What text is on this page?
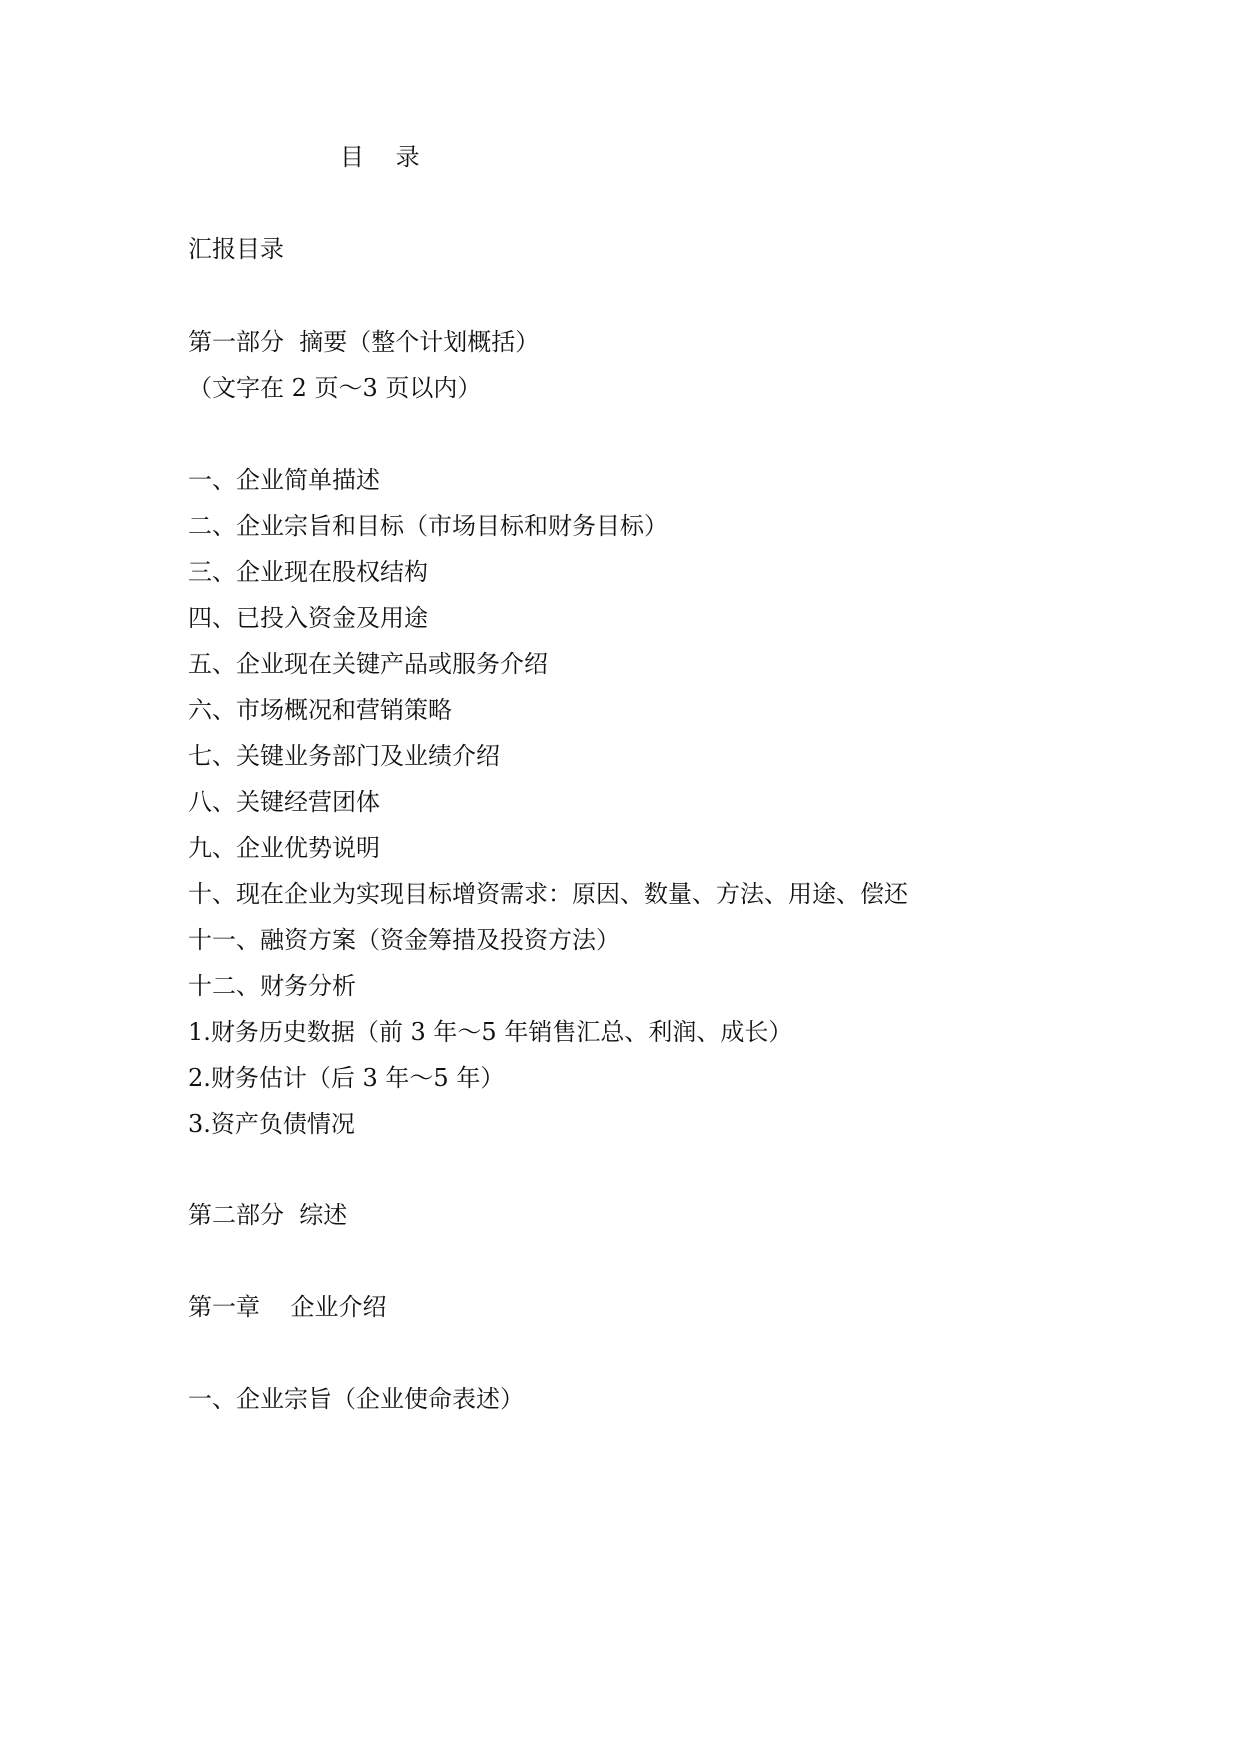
目 录
汇报目录
第一部分  摘要（整个计划概括）
（文字在 2 页～3 页以内）
一、企业简单描述
二、企业宗旨和目标（市场目标和财务目标）
三、企业现在股权结构
四、已投入资金及用途
五、企业现在关键产品或服务介绍
六、市场概况和营销策略
七、关键业务部门及业绩介绍
八、关键经营团体
九、企业优势说明
十、现在企业为实现目标增资需求：原因、数量、方法、用途、偿还
十一、融资方案（资金筹措及投资方法）
十二、财务分析
1.财务历史数据（前 3 年～5 年销售汇总、利润、成长）
2.财务估计（后 3 年～5 年）
3.资产负债情况
第二部分  综述
第一章    企业介绍
一、企业宗旨（企业使命表述）
